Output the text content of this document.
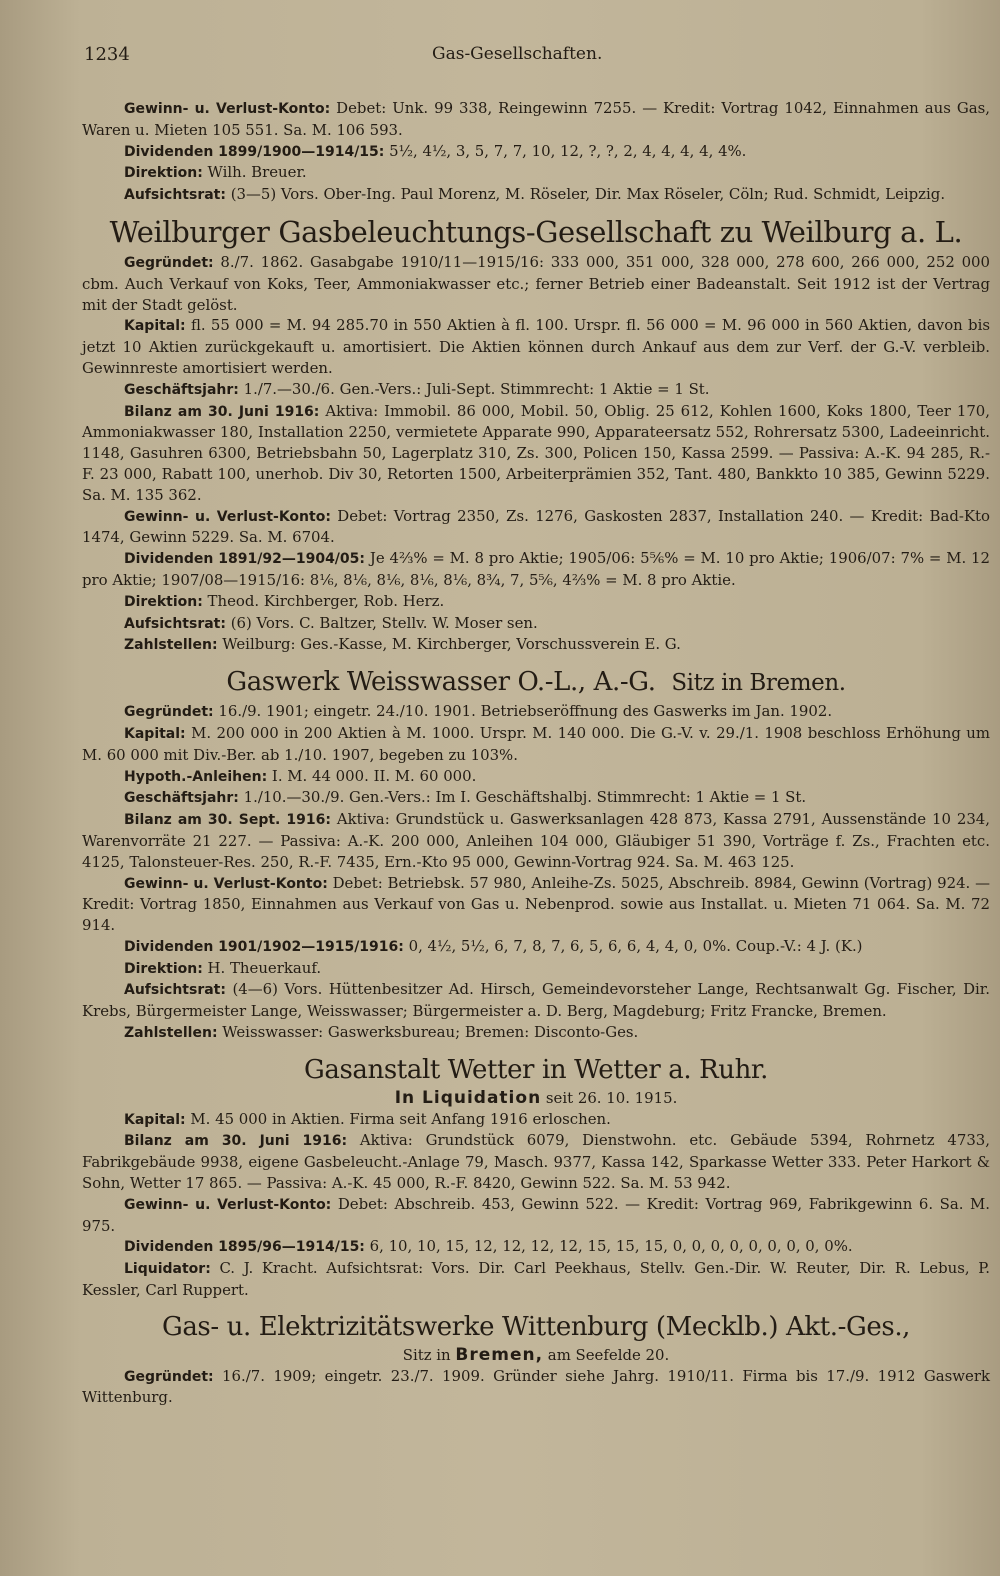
1234	Gas-Gesellschaften.

Gewinn- u. Verlust-Konto: Debet: Unk. 99 338, Reingewinn 7255. — Kredit: Vortrag 1042, Einnahmen aus Gas, Waren u. Mieten 105 551. Sa. M. 106 593.

Dividenden 1899/1900—1914/15: 5½, 4½, 3, 5, 7, 7, 10, 12, ?, ?, 2, 4, 4, 4, 4, 4%.

Direktion: Wilh. Breuer.

Aufsichtsrat: (3—5) Vors. Ober-Ing. Paul Morenz, M. Röseler, Dir. Max Röseler, Cöln; Rud. Schmidt, Leipzig.

Weilburger Gasbeleuchtungs-Gesellschaft zu Weilburg a. L.

Gegründet: 8./7. 1862. Gasabgabe 1910/11—1915/16: 333 000, 351 000, 328 000, 278 600, 266 000, 252 000 cbm. Auch Verkauf von Koks, Teer, Ammoniakwasser etc.; ferner Betrieb einer Badeanstalt. Seit 1912 ist der Vertrag mit der Stadt gelöst.

Kapital: fl. 55 000 = M. 94 285.70 in 550 Aktien à fl. 100. Urspr. fl. 56 000 = M. 96 000 in 560 Aktien, davon bis jetzt 10 Aktien zurückgekauft u. amortisiert. Die Aktien können durch Ankauf aus dem zur Verf. der G.-V. verbleib. Gewinnreste amortisiert werden.

Geschäftsjahr: 1./7.—30./6. Gen.-Vers.: Juli-Sept. Stimmrecht: 1 Aktie = 1 St.

Bilanz am 30. Juni 1916: Aktiva: Immobil. 86 000, Mobil. 50, Oblig. 25 612, Kohlen 1600, Koks 1800, Teer 170, Ammoniakwasser 180, Installation 2250, vermietete Apparate 990, Apparateersatz 552, Rohrersatz 5300, Ladeeinricht. 1148, Gasuhren 6300, Betriebsbahn 50, Lagerplatz 310, Zs. 300, Policen 150, Kassa 2599. — Passiva: A.-K. 94 285, R.-F. 23 000, Rabatt 100, unerhob. Div 30, Retorten 1500, Arbeiterprämien 352, Tant. 480, Bankkto 10 385, Gewinn 5229. Sa. M. 135 362.

Gewinn- u. Verlust-Konto: Debet: Vortrag 2350, Zs. 1276, Gaskosten 2837, Installation 240. — Kredit: Bad-Kto 1474, Gewinn 5229. Sa. M. 6704.

Dividenden 1891/92—1904/05: Je 4⅔% = M. 8 pro Aktie; 1905/06: 5⅚% = M. 10 pro Aktie; 1906/07: 7% = M. 12 pro Aktie; 1907/08—1915/16: 8⅙, 8⅙, 8⅙, 8⅙, 8⅙, 8¾, 7, 5⅚, 4⅔% = M. 8 pro Aktie.

Direktion: Theod. Kirchberger, Rob. Herz.

Aufsichtsrat: (6) Vors. C. Baltzer, Stellv. W. Moser sen.

Zahlstellen: Weilburg: Ges.-Kasse, M. Kirchberger, Vorschussverein E. G.

Gaswerk Weisswasser O.-L., A.-G. Sitz in Bremen.

Gegründet: 16./9. 1901; eingetr. 24./10. 1901. Betriebseröffnung des Gaswerks im Jan. 1902.

Kapital: M. 200 000 in 200 Aktien à M. 1000. Urspr. M. 140 000. Die G.-V. v. 29./1. 1908 beschloss Erhöhung um M. 60 000 mit Div.-Ber. ab 1./10. 1907, begeben zu 103%.

Hypoth.-Anleihen: I. M. 44 000. II. M. 60 000.

Geschäftsjahr: 1./10.—30./9. Gen.-Vers.: Im I. Geschäftshalbj. Stimmrecht: 1 Aktie = 1 St.

Bilanz am 30. Sept. 1916: Aktiva: Grundstück u. Gaswerksanlagen 428 873, Kassa 2791, Aussenstände 10 234, Warenvorräte 21 227. — Passiva: A.-K. 200 000, Anleihen 104 000, Gläubiger 51 390, Vorträge f. Zs., Frachten etc. 4125, Talonsteuer-Res. 250, R.-F. 7435, Ern.-Kto 95 000, Gewinn-Vortrag 924. Sa. M. 463 125.

Gewinn- u. Verlust-Konto: Debet: Betriebsk. 57 980, Anleihe-Zs. 5025, Abschreib. 8984, Gewinn (Vortrag) 924. — Kredit: Vortrag 1850, Einnahmen aus Verkauf von Gas u. Nebenprod. sowie aus Installat. u. Mieten 71 064. Sa. M. 72 914.

Dividenden 1901/1902—1915/1916: 0, 4½, 5½, 6, 7, 8, 7, 6, 5, 6, 6, 4, 4, 0, 0%. Coup.-V.: 4 J. (K.)

Direktion: H. Theuerkauf.

Aufsichtsrat: (4—6) Vors. Hüttenbesitzer Ad. Hirsch, Gemeindevorsteher Lange, Rechtsanwalt Gg. Fischer, Dir. Krebs, Bürgermeister Lange, Weisswasser; Bürgermeister a. D. Berg, Magdeburg; Fritz Francke, Bremen.

Zahlstellen: Weisswasser: Gaswerksbureau; Bremen: Disconto-Ges.

Gasanstalt Wetter in Wetter a. Ruhr.

In Liquidation seit 26. 10. 1915.

Kapital: M. 45 000 in Aktien. Firma seit Anfang 1916 erloschen.

Bilanz am 30. Juni 1916: Aktiva: Grundstück 6079, Dienstwohn. etc. Gebäude 5394, Rohrnetz 4733, Fabrikgebäude 9938, eigene Gasbeleucht.-Anlage 79, Masch. 9377, Kassa 142, Sparkasse Wetter 333. Peter Harkort & Sohn, Wetter 17 865. — Passiva: A.-K. 45 000, R.-F. 8420, Gewinn 522. Sa. M. 53 942.

Gewinn- u. Verlust-Konto: Debet: Abschreib. 453, Gewinn 522. — Kredit: Vortrag 969, Fabrikgewinn 6. Sa. M. 975.

Dividenden 1895/96—1914/15: 6, 10, 10, 15, 12, 12, 12, 12, 15, 15, 15, 0, 0, 0, 0, 0, 0, 0, 0, 0%.

Liquidator: C. J. Kracht. Aufsichtsrat: Vors. Dir. Carl Peekhaus, Stellv. Gen.-Dir. W. Reuter, Dir. R. Lebus, P. Kessler, Carl Ruppert.

Gas- u. Elektrizitätswerke Wittenburg (Mecklb.) Akt.-Ges.,

Sitz in Bremen, am Seefelde 20.

Gegründet: 16./7. 1909; eingetr. 23./7. 1909. Gründer siehe Jahrg. 1910/11. Firma bis 17./9. 1912 Gaswerk Wittenburg.
